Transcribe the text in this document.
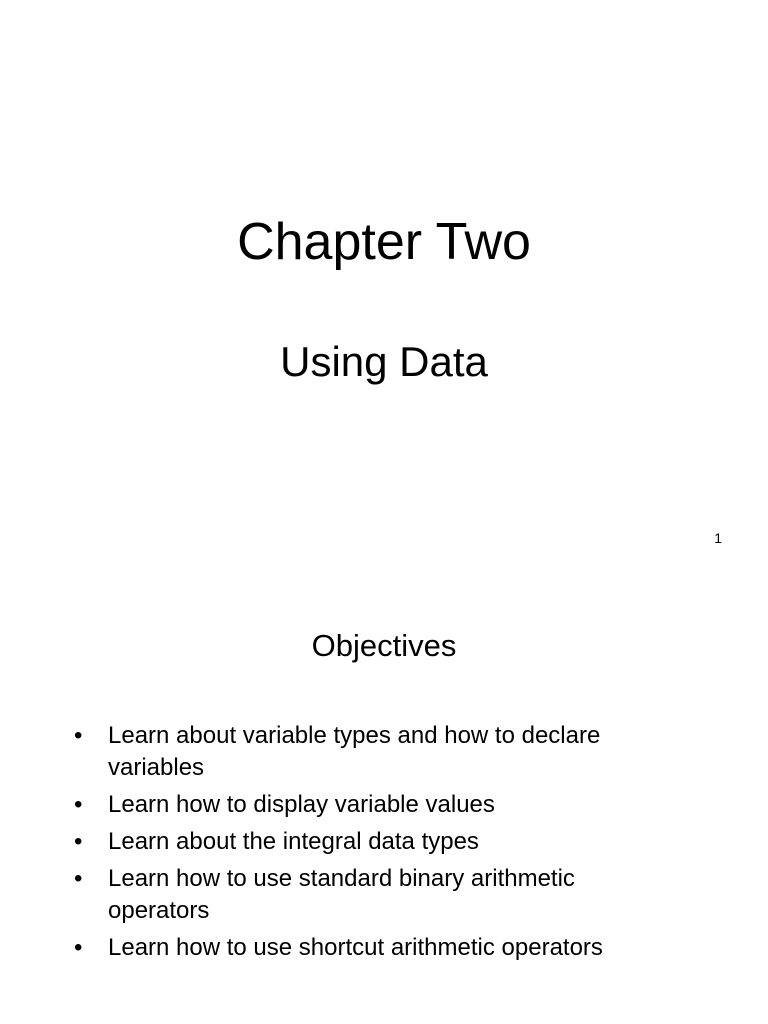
Chapter Two
Using Data
1
Objectives
•	Learn about variable types and how to declare variables
•	Learn how to display variable values
•	Learn about the integral data types
•	Learn how to use standard binary arithmetic operators
•	Learn how to use shortcut arithmetic operators
